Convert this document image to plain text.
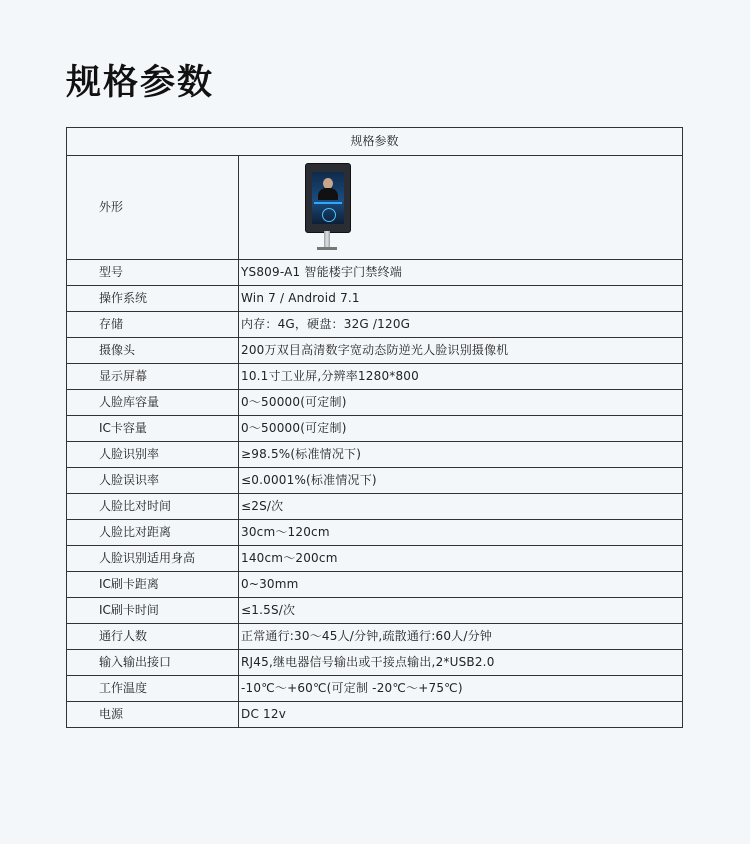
规格参数
规格参数	
外形	

型号	YS809-A1 智能楼宇门禁终端
操作系统	Win 7 / Android 7.1
存储	内存：4G，硬盘：32G /120G
摄像头	200万双目高清数字宽动态防逆光人脸识别摄像机
显示屏幕	10.1寸工业屏,分辨率1280*800
人脸库容量	0～50000(可定制)
IC卡容量	0～50000(可定制)
人脸识别率	≥98.5%(标准情况下)
人脸误识率	≤0.0001%(标准情况下)
人脸比对时间	≤2S/次
人脸比对距离	30cm～120cm
人脸识别适用身高	140cm～200cm
IC刷卡距离	0~30mm
IC刷卡时间	≤1.5S/次
通行人数	正常通行:30～45人/分钟,疏散通行:60人/分钟
输入输出接口	RJ45,继电器信号输出或干接点输出,2*USB2.0
工作温度	-10℃～+60℃(可定制 -20℃～+75℃)
电源	DC 12v
